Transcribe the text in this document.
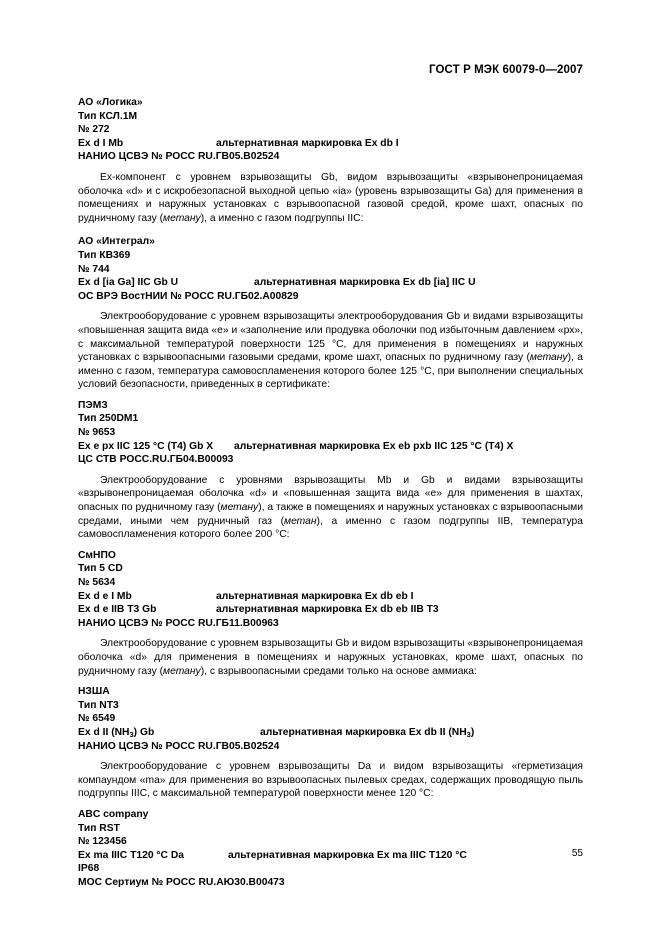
ГОСТ Р МЭК 60079-0—2007
АО «Логика»
Тип КСЛ.1М
№ 272
Ex d I Mb	альтернативная маркировка Ex db I
НАНИО ЦСВЭ № РОСС RU.ГВ05.В02524

Ех-компонент с уровнем взрывозащиты Gb, видом взрывозащиты «взрывонепроницаемая оболочка «d» и с искробезопасной выходной цепью «ia» (уровень взрывозащиты Ga) для применения в помещениях и наружных установках с взрывоопасной газовой средой, кроме шахт, опасных по рудничному газу (метану), а именно с газом подгруппы IIС:

АО «Интеграл»
Тип КВ369
№ 744
Ex d [ia Ga] IIC Gb U	альтернативная маркировка Ex db [ia] IIC U
ОС ВРЭ ВостНИИ № РОСС RU.ГБ02.А00829

Электрооборудование с уровнем взрывозащиты электрооборудования Gb и видами взрывозащиты «повышенная защита вида «е» и «заполнение или продувка оболочки под избыточным давлением «рх», с максимальной температурой поверхности 125 °С, для применения в помещениях и наружных установках с взрывоопасными газовыми средами, кроме шахт, опасных по рудничному газу (метану), а именно с газом, температура самовоспламенения которого более 125 °С, при выполнении специальных условий безопасности, приведенных в сертификате:

ПЭМЗ
Тип 250DM1
№ 9653
Ex e px IIC 125 °C (T4) Gb X альтернативная маркировка Ex eb pxb IIC 125 °C (T4) X
ЦС СТВ РОСС.RU.ГБ04.В00093

Электрооборудование с уровнями взрывозащиты Mb и Gb и видами взрывозащиты «взрывонепроницаемая оболочка «d» и «повышенная защита вида «е» для применения в шахтах, опасных по рудничному газу (метану), а также в помещениях и наружных установках с взрывоопасными средами, иными чем рудничный газ (метан), а именно с газом подгруппы IIB, температура самовоспламенения которого более 200 °С:

СмНПО
Тип 5 CD
№ 5634
Ex d e I Mb	альтернативная маркировка Ex db eb I
Ex d e IIB T3 Gb	альтернативная маркировка Ex db eb IIB T3
НАНИО ЦСВЭ № РОСС RU.ГБ11.В00963

Электрооборудование с уровнем взрывозащиты Gb и видом взрывозащиты «взрывонепроницаемая оболочка «d» для применения в помещениях и наружных установках, кроме шахт, опасных по рудничному газу (метану), с взрывоопасными средами только на основе аммиака:

НЗША
Тип NT3
№ 6549
Ex d II $(NH_3)$ Gb	альтернативная маркировка Ex db II $(NH_3)$
НАНИО ЦСВЭ № РОСС RU.ГВ05.В02524

Электрооборудование с уровнем взрывозащиты Da и видом взрывозащиты «герметизация компаундом «ma» для применения во взрывоопасных пылевых средах, содержащих проводящую пыль подгруппы IIIC, с максимальной температурой поверхности менее 120 °С:

ABC company
Тип RST
№ 123456
Ex ma IIIC T120 °C Da	альтернативная маркировка Ex ma IIIC T120 °C
IP68
МОС Сертиум № РОСС RU.АЮ30.В00473
55
